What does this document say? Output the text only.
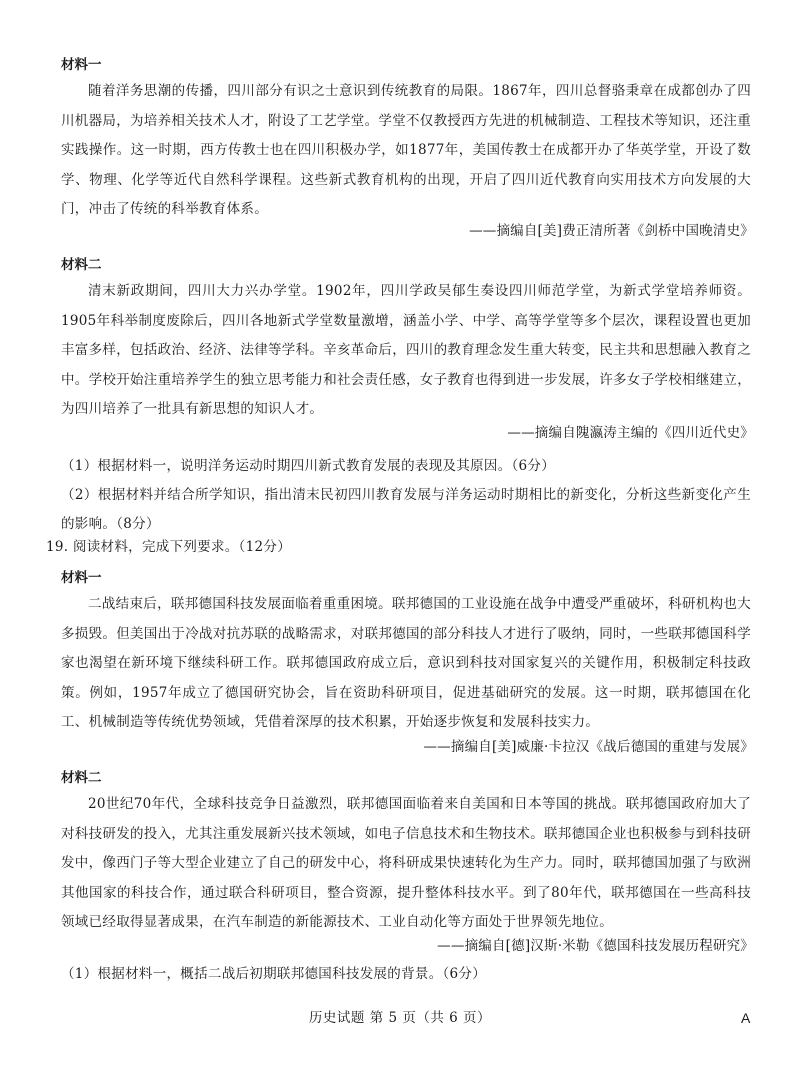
材料一

随着洋务思潮的传播，四川部分有识之士意识到传统教育的局限。1867年，四川总督骆秉章在成都创办了四川机器局，为培养相关技术人才，附设了工艺学堂。学堂不仅教授西方先进的机械制造、工程技术等知识，还注重实践操作。这一时期，西方传教士也在四川积极办学，如1877年，美国传教士在成都开办了华英学堂，开设了数学、物理、化学等近代自然科学课程。这些新式教育机构的出现，开启了四川近代教育向实用技术方向发展的大门，冲击了传统的科举教育体系。

——摘编自[美]费正清所著《剑桥中国晚清史》

材料二

清末新政期间，四川大力兴办学堂。1902年，四川学政吴郁生奏设四川师范学堂，为新式学堂培养师资。1905年科举制度废除后，四川各地新式学堂数量激增，涵盖小学、中学、高等学堂等多个层次，课程设置也更加丰富多样，包括政治、经济、法律等学科。辛亥革命后，四川的教育理念发生重大转变，民主共和思想融入教育之中。学校开始注重培养学生的独立思考能力和社会责任感，女子教育也得到进一步发展，许多女子学校相继建立，为四川培养了一批具有新思想的知识人才。

——摘编自隗瀛涛主编的《四川近代史》

（1）根据材料一，说明洋务运动时期四川新式教育发展的表现及其原因。（6分）

（2）根据材料并结合所学知识，指出清末民初四川教育发展与洋务运动时期相比的新变化，分析这些新变化产生的影响。（8分）

19. 阅读材料，完成下列要求。（12分）

材料一

二战结束后，联邦德国科技发展面临着重重困境。联邦德国的工业设施在战争中遭受严重破坏，科研机构也大多损毁。但美国出于冷战对抗苏联的战略需求，对联邦德国的部分科技人才进行了吸纳，同时，一些联邦德国科学家也渴望在新环境下继续科研工作。联邦德国政府成立后，意识到科技对国家复兴的关键作用，积极制定科技政策。例如，1957年成立了德国研究协会，旨在资助科研项目，促进基础研究的发展。这一时期，联邦德国在化工、机械制造等传统优势领域，凭借着深厚的技术积累，开始逐步恢复和发展科技实力。

——摘编自[美]威廉·卡拉汉《战后德国的重建与发展》

材料二

20世纪70年代，全球科技竞争日益激烈，联邦德国面临着来自美国和日本等国的挑战。联邦德国政府加大了对科技研发的投入，尤其注重发展新兴技术领域，如电子信息技术和生物技术。联邦德国企业也积极参与到科技研发中，像西门子等大型企业建立了自己的研发中心，将科研成果快速转化为生产力。同时，联邦德国加强了与欧洲其他国家的科技合作，通过联合科研项目，整合资源，提升整体科技水平。到了80年代，联邦德国在一些高科技领域已经取得显著成果，在汽车制造的新能源技术、工业自动化等方面处于世界领先地位。

——摘编自[德]汉斯·米勒《德国科技发展历程研究》

（1）根据材料一，概括二战后初期联邦德国科技发展的背景。（6分）

历史试题 第 5 页（共 6 页）	A
